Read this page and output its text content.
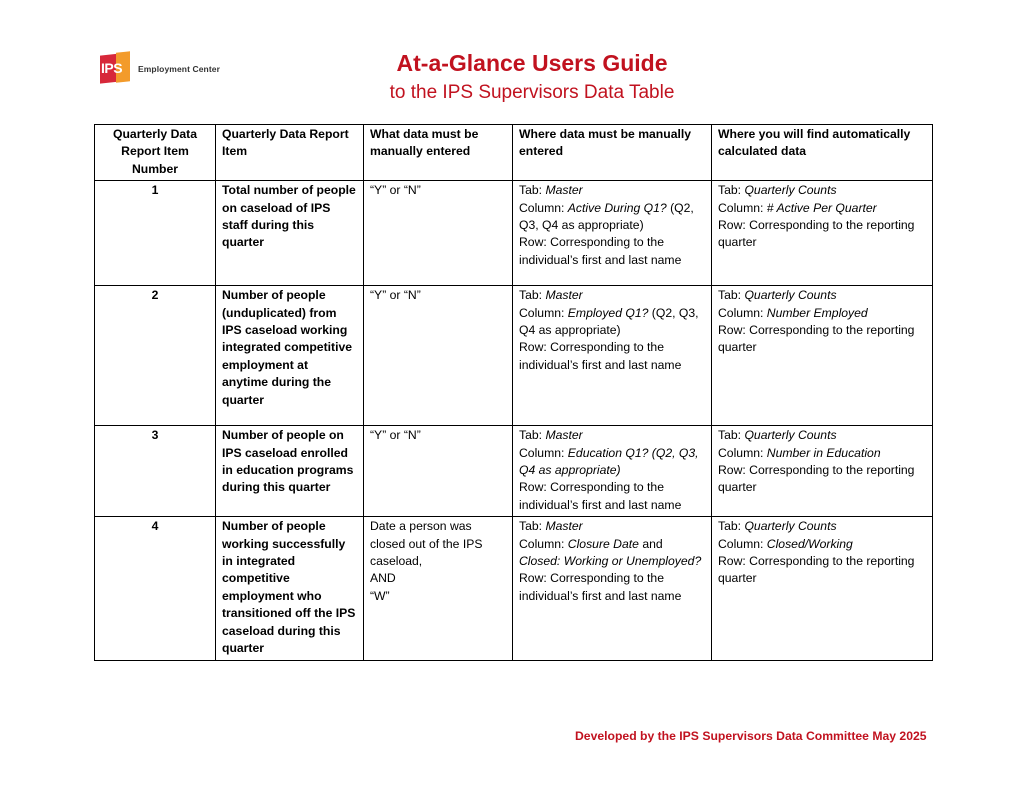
IPS Employment Center	At-a-Glance Users Guide
to the IPS Supervisors Data Table
Quarterly Data Report Item Number	Quarterly Data Report Item	What data must be manually entered	Where data must be manually entered	Where you will find automatically calculated data
1	Total number of people on caseload of IPS staff during this quarter	“Y” or “N”	Tab: Master
Column: Active During Q1? (Q2, Q3, Q4 as appropriate)
Row: Corresponding to the individual’s first and last name	Tab: Quarterly Counts
Column: # Active Per Quarter
Row: Corresponding to the reporting quarter

2	Number of people (unduplicated) from IPS caseload working integrated competitive employment at anytime during the quarter	“Y” or “N”	Tab: Master
Column: Employed Q1? (Q2, Q3, Q4 as appropriate)
Row: Corresponding to the individual’s first and last name	Tab: Quarterly Counts
Column: Number Employed
Row: Corresponding to the reporting quarter

3	Number of people on IPS caseload enrolled in education programs during this quarter	“Y” or “N”	Tab: Master
Column: Education Q1? (Q2, Q3, Q4 as appropriate)
Row: Corresponding to the individual’s first and last name	Tab: Quarterly Counts
Column: Number in Education
Row: Corresponding to the reporting quarter

4	Number of people working successfully in integrated competitive employment who transitioned off the IPS caseload during this quarter	Date a person was closed out of the IPS caseload,
AND
“W”	Tab: Master
Column: Closure Date and Closed: Working or Unemployed?
Row: Corresponding to the individual’s first and last name	Tab: Quarterly Counts
Column: Closed/Working
Row: Corresponding to the reporting quarter
Developed by the IPS Supervisors Data Committee May 2025
